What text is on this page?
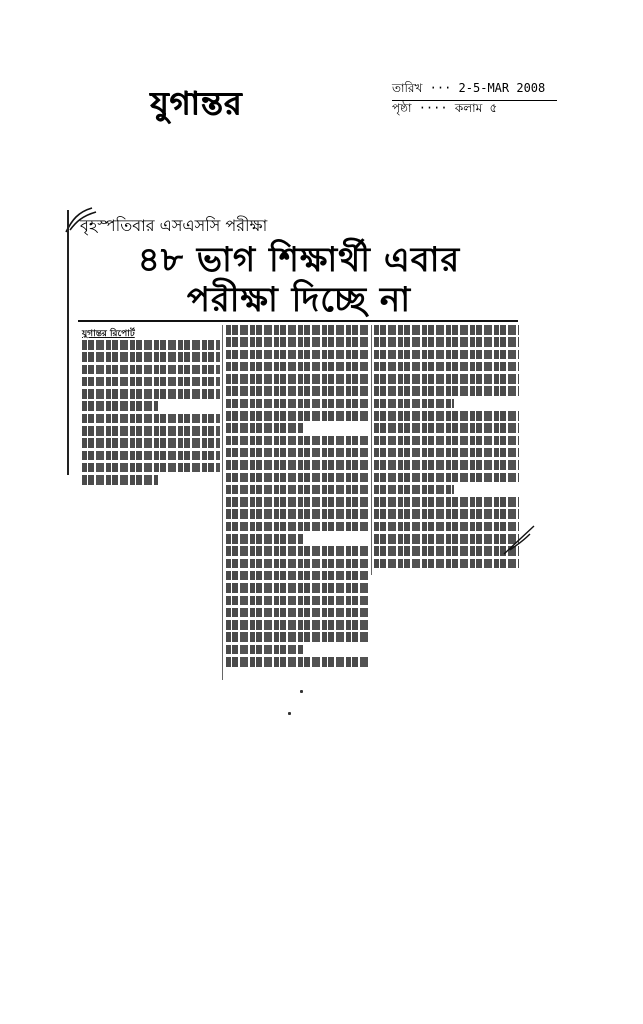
যুগান্তর	তারিখ ··· 2-5-MAR 2008
পৃষ্ঠা ···· কলাম ৫
বৃহস্পতিবার এসএসসি পরীক্ষা
৪৮ ভাগ শিক্ষার্থী এবার
পরীক্ষা দিচ্ছে না
যুগান্তর রিপোর্ট
